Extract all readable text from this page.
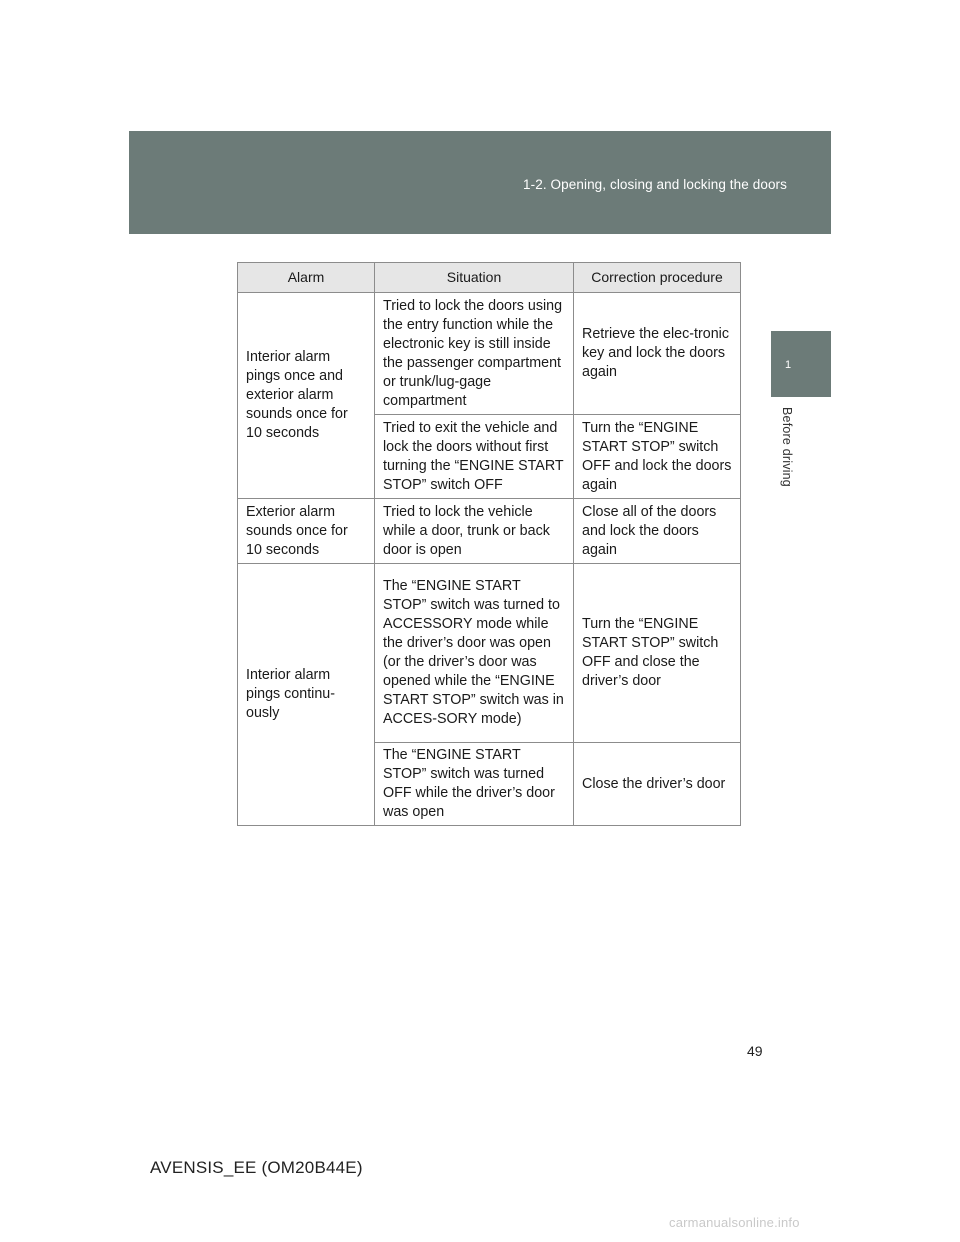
1-2. Opening, closing and locking the doors
1
Before driving
Alarm	Situation	Correction procedure
Interior alarm pings once and exterior alarm sounds once for 10 seconds	Tried to lock the doors using the entry function while the electronic key is still inside the passenger compartment or trunk/lug-gage compartment	Retrieve the elec-tronic key and lock the doors again
	Tried to exit the vehicle and lock the doors without first turning the “ENGINE START STOP” switch OFF	Turn the “ENGINE START STOP” switch OFF and lock the doors again
Exterior alarm sounds once for 10 seconds	Tried to lock the vehicle while a door, trunk or back door is open	Close all of the doors and lock the doors again
Interior alarm pings continu-ously	The “ENGINE START STOP” switch was turned to ACCESSORY mode while the driver’s door was open (or the driver’s door was opened while the “ENGINE START STOP” switch was in ACCES-SORY mode)	Turn the “ENGINE START STOP” switch OFF and close the driver’s door
	The “ENGINE START STOP” switch was turned OFF while the driver’s door was open	Close the driver’s door
49
AVENSIS_EE (OM20B44E)
carmanualsonline.info
